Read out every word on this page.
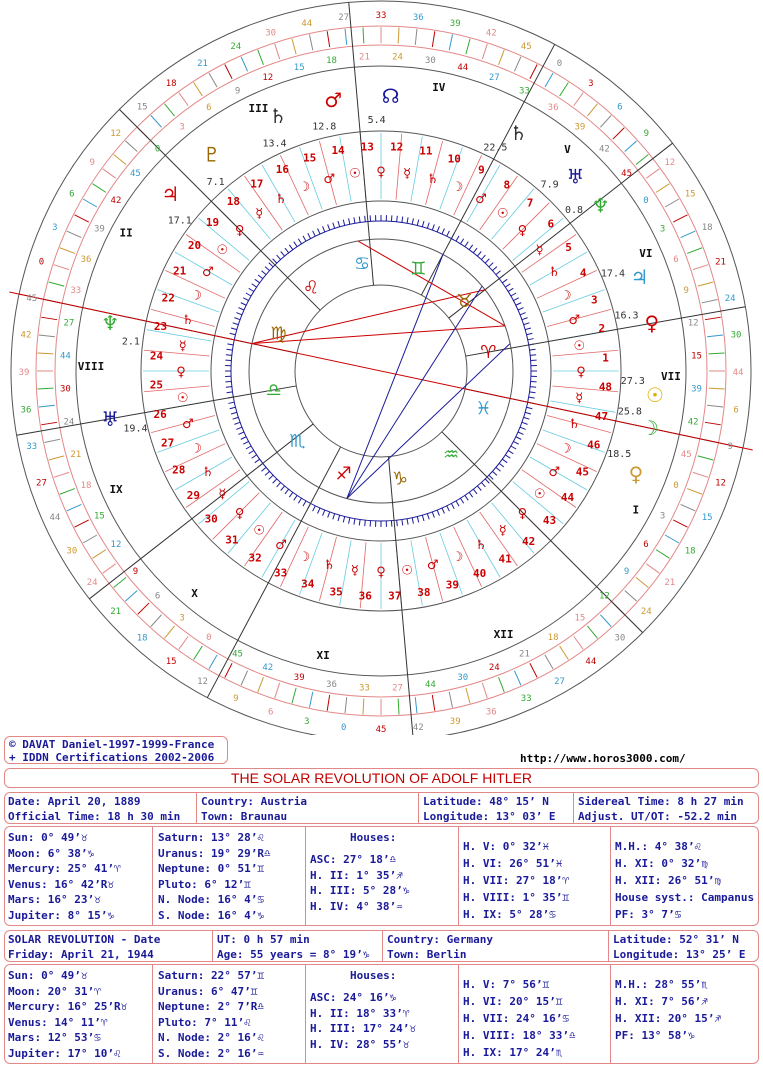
♈
♉
♊
♋
♌
♍
♎
♏
♐ ♑
♒
♓
♀
1
☉
2
♂
3
☽
4
♄
5
☿
6
♀
7
☉
8
♂
9
☽
10
♄
11
☿
12
♀
13
☉
14
♂
15
☽
16
♄
17
☿
18
♀
19
☉
20
♂
21
☽
22
♄
23
☿
24
♀
25
☉
26
♂
27 ☽
28 ♄
29 ☿
30 ♀
31
☉
32
♂
33
☽
34
♄
35
☿
36
♀
37
☉
38
♂
39
☽
40
♄
41
☿
42
♀ 43
☉ 44
♂ 45
☽ 46
♄
47
☿
48
44
15
30
12
24
9
21
6
18
3
15
0
12
45
9
42
6
39
3
36
0
33
45
27
42
44
39
30
36
24
33
21
27
18
44
15
30
12
24
9
21
6
18
3
15
0
12
45
9
42
6
39
3
36
0
33
45
27
42
44
39
30
36
24
33
21
27	18
44	15
30
12
24
9
21
6
18
3
15
0
12
45
9
42
6
39
3
36
0
33
45
27
42
44
39
30
36
24
33
21
27
18
44
15
30
12
24
9
21
6
18
3	15
0	12
45
9
42
6
39
♂
12.8	♄
22.5
♅
7.9
♆
0.8
♃
17.4
♀
16.3
☉
27.3
☽
25.8
♀
18.5
♇
7.1
♃
17.1
♄
13.4
♆
2.1
♅ 19.4
☊
5.4
VII
VI
V
IV
III
II
VIII
IX
X
XI
XII
I
© DAVAT Daniel-1997-1999-France
+ IDDN Certifications 2002-2006	http://www.horos3000.com/
THE SOLAR REVOLUTION OF ADOLF HITLER
Date: April 20, 1889
Official Time: 18 h 30 min
Country: Austria
Town: Braunau
Latitude: 48° 15’ N
Longitude: 13° 03’ E
Sidereal Time: 8 h 27 min
Adjust. UT/OT: -52.2 min
Sun: 0° 49’♉
Moon: 6° 38’♑
Mercury: 25° 41’♈
Venus: 16° 42’R♉
Mars: 16° 23’♉
Jupiter: 8° 15’♑
Saturn: 13° 28’♌
Uranus: 19° 29’R♎
Neptune: 0° 51’♊
Pluto: 6° 12’♊
N. Node: 16° 4’♋
S. Node: 16° 4’♑
Houses:
ASC: 27° 18’♎
H. II: 1° 35’♐
H. III: 5° 28’♑
H. IV: 4° 38’♒
H. V: 0° 32’♓
H. VI: 26° 51’♓
H. VII: 27° 18’♈
H. VIII: 1° 35’♊
H. IX: 5° 28’♋
M.H.: 4° 38’♌
H. XI: 0° 32’♍
H. XII: 26° 51’♍
House syst.: Campanus
PF: 3° 7’♋
SOLAR REVOLUTION - Date
Friday: April 21, 1944
UT: 0 h 57 min
Age: 55 years = 8° 19’♑
Country: Germany
Town: Berlin
Latitude: 52° 31’ N
Longitude: 13° 25’ E
Sun: 0° 49’♉
Moon: 20° 31’♈
Mercury: 16° 25’R♉
Venus: 14° 11’♈
Mars: 12° 53’♋
Jupiter: 17° 10’♌
Saturn: 22° 57’♊
Uranus: 6° 47’♊
Neptune: 2° 7’R♎
Pluto: 7° 11’♌
N. Node: 2° 16’♌
S. Node: 2° 16’♒
Houses:
ASC: 24° 16’♑
H. II: 18° 33’♈
H. III: 17° 24’♉
H. IV: 28° 55’♉
H. V: 7° 56’♊
H. VI: 20° 15’♊
H. VII: 24° 16’♋
H. VIII: 18° 33’♎
H. IX: 17° 24’♏
M.H.: 28° 55’♏
H. XI: 7° 56’♐
H. XII: 20° 15’♐
PF: 13° 58’♑
